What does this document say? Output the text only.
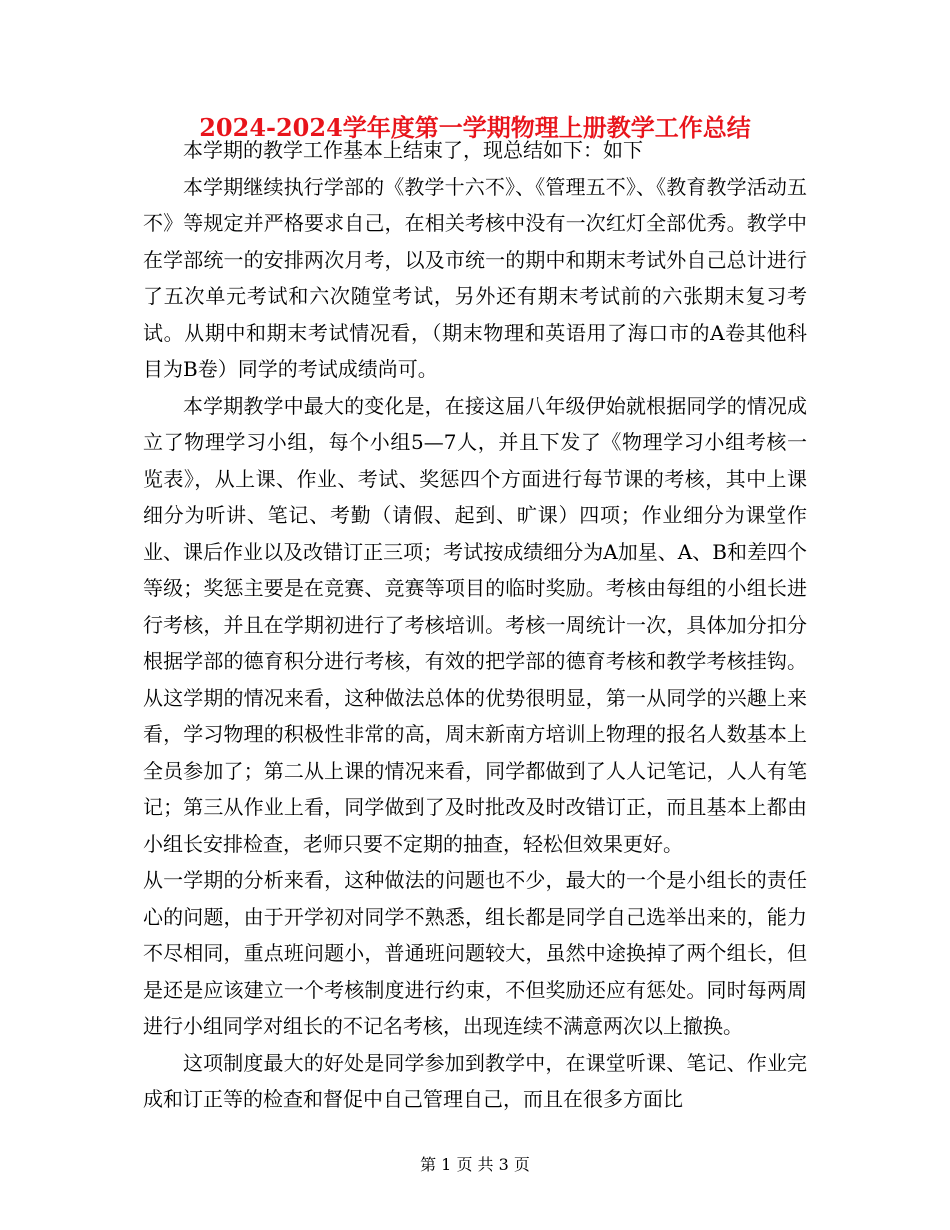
2024-2024学年度第一学期物理上册教学工作总结

本学期的教学工作基本上结束了，现总结如下：如下

本学期继续执行学部的《教学十六不》、《管理五不》、《教育教学活动五不》等规定并严格要求自己，在相关考核中没有一次红灯全部优秀。教学中在学部统一的安排两次月考，以及市统一的期中和期末考试外自己总计进行了五次单元考试和六次随堂考试，另外还有期末考试前的六张期末复习考试。从期中和期末考试情况看，（期末物理和英语用了海口市的A卷其他科目为B卷）同学的考试成绩尚可。

本学期教学中最大的变化是，在接这届八年级伊始就根据同学的情况成立了物理学习小组，每个小组5—7人，并且下发了《物理学习小组考核一览表》，从上课、作业、考试、奖惩四个方面进行每节课的考核，其中上课细分为听讲、笔记、考勤（请假、起到、旷课）四项；作业细分为课堂作业、课后作业以及改错订正三项；考试按成绩细分为A加星、A、B和差四个等级；奖惩主要是在竞赛、竞赛等项目的临时奖励。考核由每组的小组长进行考核，并且在学期初进行了考核培训。考核一周统计一次，具体加分扣分根据学部的德育积分进行考核，有效的把学部的德育考核和教学考核挂钩。从这学期的情况来看，这种做法总体的优势很明显，第一从同学的兴趣上来看，学习物理的积极性非常的高，周末新南方培训上物理的报名人数基本上全员参加了；第二从上课的情况来看，同学都做到了人人记笔记，人人有笔记；第三从作业上看，同学做到了及时批改及时改错订正，而且基本上都由小组长安排检查，老师只要不定期的抽查，轻松但效果更好。

从一学期的分析来看，这种做法的问题也不少，最大的一个是小组长的责任心的问题，由于开学初对同学不熟悉，组长都是同学自己选举出来的，能力不尽相同，重点班问题小，普通班问题较大，虽然中途换掉了两个组长，但是还是应该建立一个考核制度进行约束，不但奖励还应有惩处。同时每两周进行小组同学对组长的不记名考核，出现连续不满意两次以上撤换。

这项制度最大的好处是同学参加到教学中，在课堂听课、笔记、作业完成和订正等的检查和督促中自己管理自己，而且在很多方面比

第 1 页 共 3 页
